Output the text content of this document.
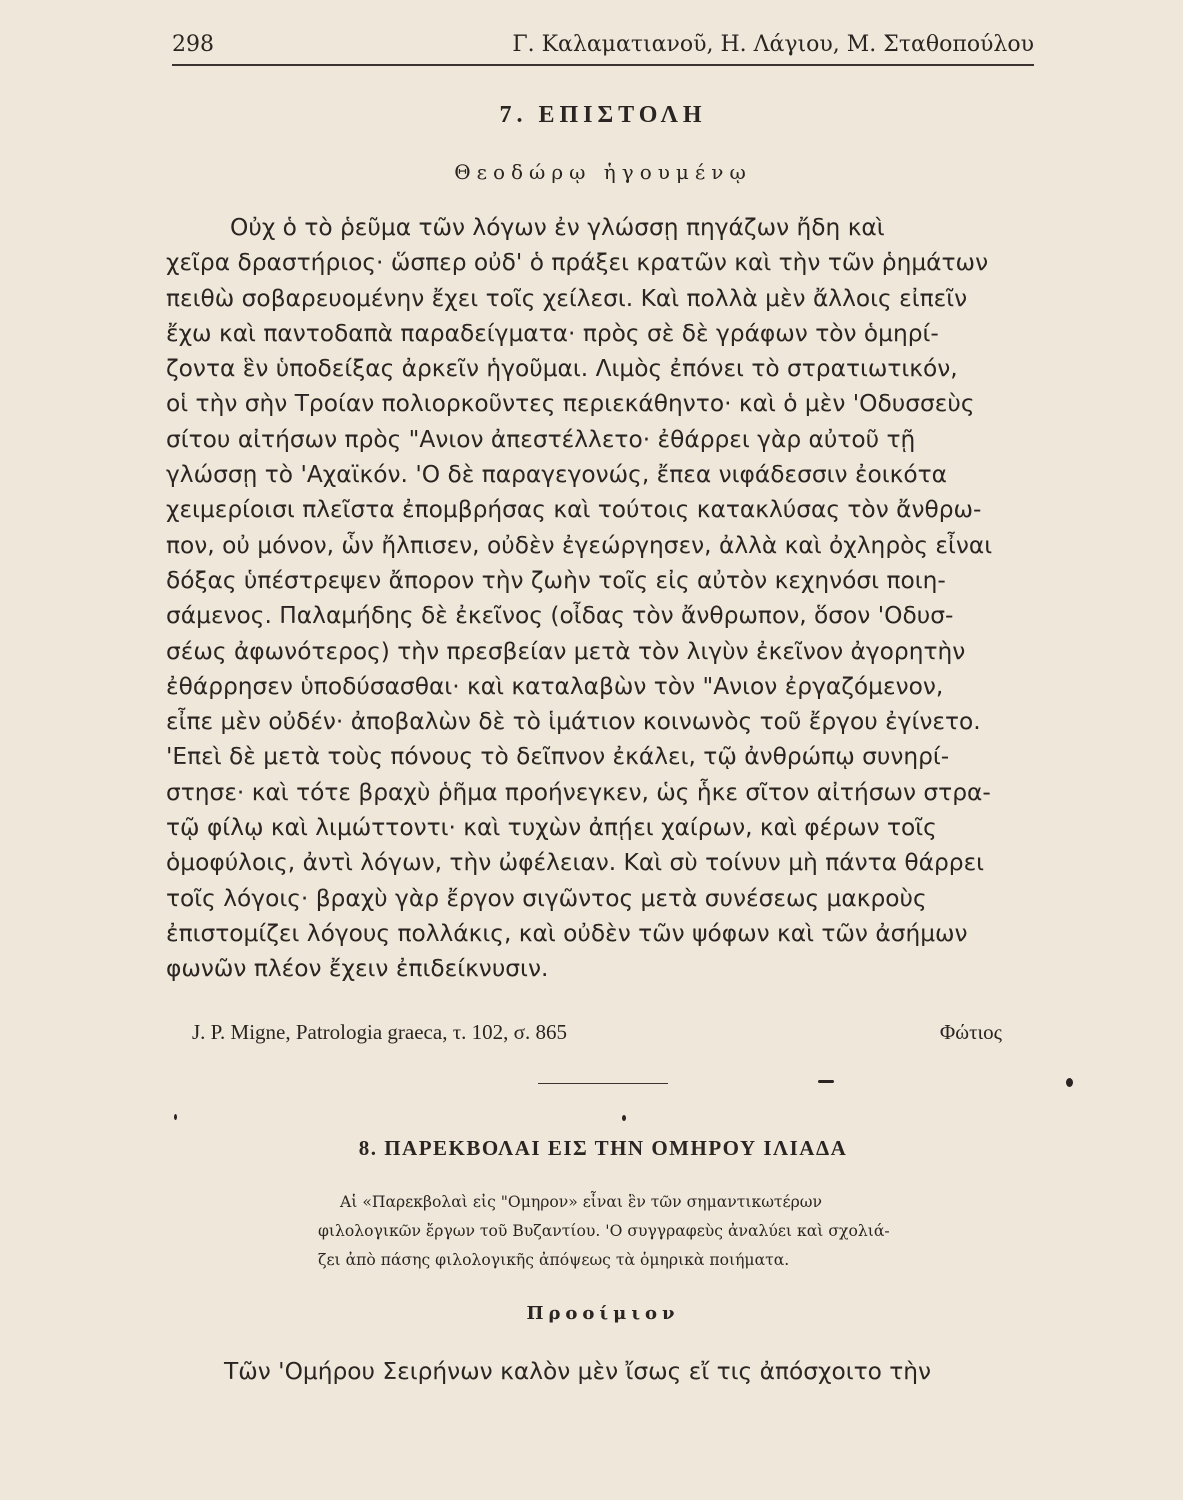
298	Γ. Καλαματιανοῦ, Η. Λάγιου, Μ. Σταθοπούλου
7. ΕΠΙΣΤΟΛΗ
Θεοδώρῳ ἡγουμένῳ
Οὐχ ὁ τὸ ῥεῦμα τῶν λόγων ἐν γλώσσῃ πηγάζων ἤδη καὶ
χεῖρα δραστήριος· ὥσπερ οὐδ' ὁ πράξει κρατῶν καὶ τὴν τῶν ῥημάτων
πειθὼ σοβαρευομένην ἔχει τοῖς χείλεσι. Καὶ πολλὰ μὲν ἄλλοις εἰπεῖν
ἔχω καὶ παντοδαπὰ παραδείγματα· πρὸς σὲ δὲ γράφων τὸν ὁμηρί-
ζοντα ἓν ὑποδείξας ἀρκεῖν ἡγοῦμαι. Λιμὸς ἐπόνει τὸ στρατιωτικόν,
οἱ τὴν σὴν Τροίαν πολιορκοῦντες περιεκάθηντο· καὶ ὁ μὲν 'Οδυσσεὺς
σίτου αἰτήσων πρὸς "Ανιον ἀπεστέλλετο· ἐθάρρει γὰρ αὐτοῦ τῇ
γλώσσῃ τὸ 'Αχαϊκόν. 'Ο δὲ παραγεγονώς, ἔπεα νιφάδεσσιν ἐοικότα
χειμερίοισι πλεῖστα ἐπομβρήσας καὶ τούτοις κατακλύσας τὸν ἄνθρω-
πον, οὐ μόνον, ὧν ἤλπισεν, οὐδὲν ἐγεώργησεν, ἀλλὰ καὶ ὀχληρὸς εἶναι
δόξας ὑπέστρεψεν ἄπορον τὴν ζωὴν τοῖς εἰς αὐτὸν κεχηνόσι ποιη-
σάμενος. Παλαμήδης δὲ ἐκεῖνος (οἶδας τὸν ἄνθρωπον, ὅσον 'Οδυσ-
σέως ἀφωνότερος) τὴν πρεσβείαν μετὰ τὸν λιγὺν ἐκεῖνον ἀγορητὴν
ἐθάρρησεν ὑποδύσασθαι· καὶ καταλαβὼν τὸν "Ανιον ἐργαζόμενον,
εἶπε μὲν οὐδέν· ἀποβαλὼν δὲ τὸ ἱμάτιον κοινωνὸς τοῦ ἔργου ἐγίνετο.
'Επεὶ δὲ μετὰ τοὺς πόνους τὸ δεῖπνον ἐκάλει, τῷ ἀνθρώπῳ συνηρί-
στησε· καὶ τότε βραχὺ ῥῆμα προήνεγκεν, ὡς ἧκε σῖτον αἰτήσων στρα-
τῷ φίλῳ καὶ λιμώττοντι· καὶ τυχὼν ἀπῄει χαίρων, καὶ φέρων τοῖς
ὁμοφύλοις, ἀντὶ λόγων, τὴν ὠφέλειαν. Καὶ σὺ τοίνυν μὴ πάντα θάρρει
τοῖς λόγοις· βραχὺ γὰρ ἔργον σιγῶντος μετὰ συνέσεως μακροὺς
ἐπιστομίζει λόγους πολλάκις, καὶ οὐδὲν τῶν ψόφων καὶ τῶν ἀσήμων
φωνῶν πλέον ἔχειν ἐπιδείκνυσιν.
J. P. Migne, Patrologia graeca, τ. 102, σ. 865	Φώτιος
8. ΠΑΡΕΚΒΟΛΑΙ ΕΙΣ ΤΗΝ ΟΜΗΡΟΥ ΙΛΙΑΔΑ
Αἱ «Παρεκβολαὶ εἰς "Ομηρον» εἶναι ἓν τῶν σημαντικωτέρων
φιλολογικῶν ἔργων τοῦ Βυζαντίου. 'Ο συγγραφεὺς ἀναλύει καὶ σχολιά-
ζει ἀπὸ πάσης φιλολογικῆς ἀπόψεως τὰ ὁμηρικὰ ποιήματα.
Προοίμιον
Τῶν 'Ομήρου Σειρήνων καλὸν μὲν ἴσως εἴ τις ἀπόσχοιτο τὴν
